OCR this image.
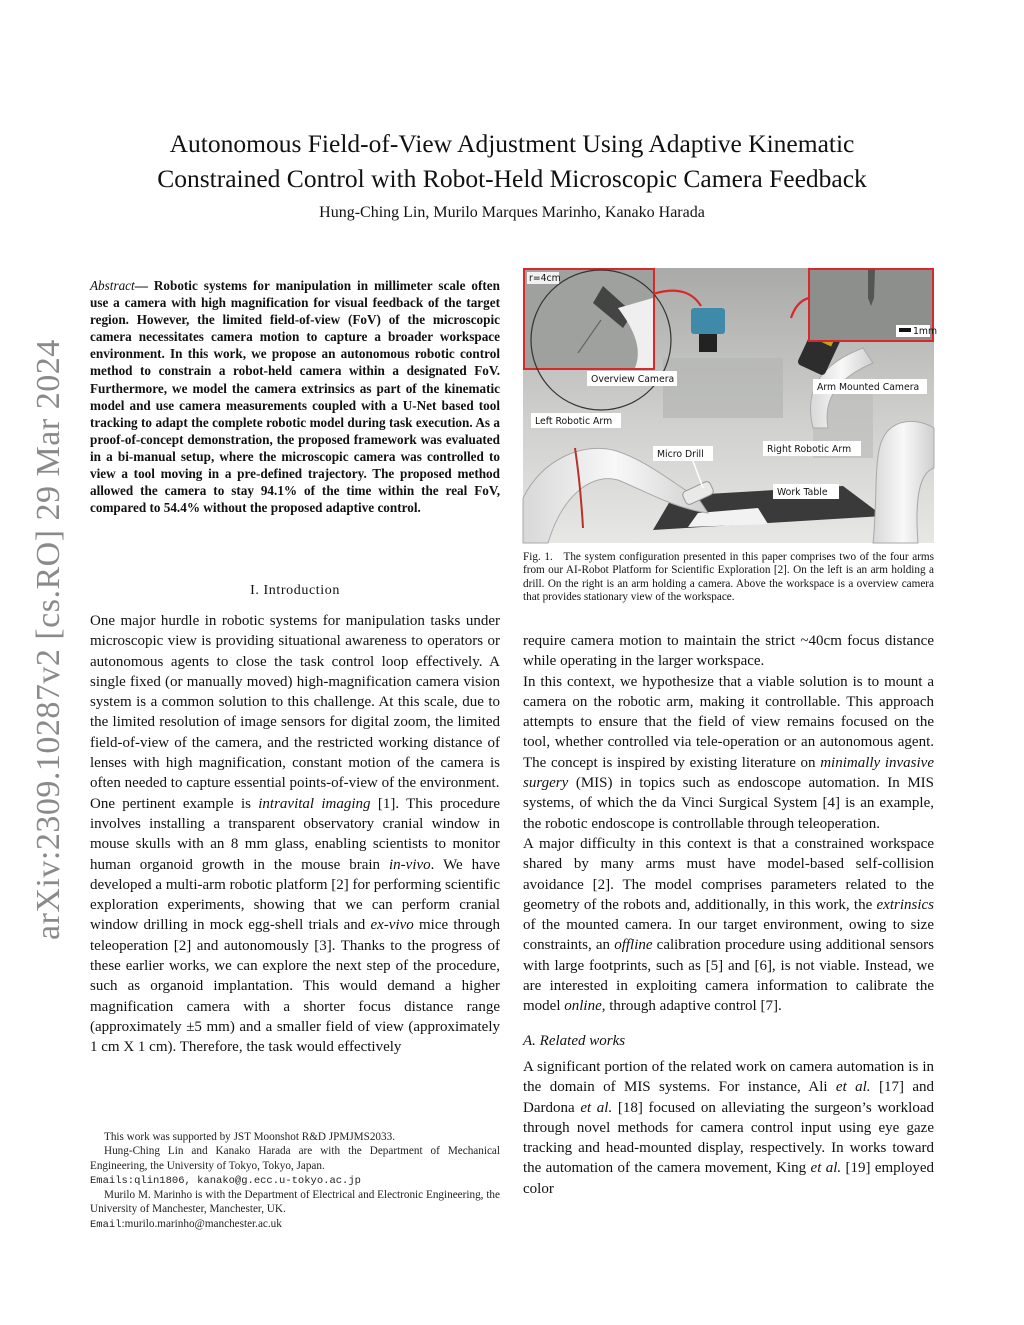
arXiv:2309.10287v2 [cs.RO] 29 Mar 2024
Autonomous Field-of-View Adjustment Using Adaptive Kinematic
Constrained Control with Robot-Held Microscopic Camera Feedback
Hung-Ching Lin, Murilo Marques Marinho, Kanako Harada

Abstract— Robotic systems for manipulation in millimeter scale often use a camera with high magnification for visual feedback of the target region. However, the limited field-of-view (FoV) of the microscopic camera necessitates camera motion to capture a broader workspace environment. In this work, we propose an autonomous robotic control method to constrain a robot-held camera within a designated FoV. Furthermore, we model the camera extrinsics as part of the kinematic model and use camera measurements coupled with a U-Net based tool tracking to adapt the complete robotic model during task execution. As a proof-of-concept demonstration, the proposed framework was evaluated in a bi-manual setup, where the microscopic camera was controlled to view a tool moving in a pre-defined trajectory. The proposed method allowed the camera to stay 94.1% of the time within the real FoV, compared to 54.4% without the proposed adaptive control.

I. Introduction

One major hurdle in robotic systems for manipulation tasks under microscopic view is providing situational awareness to operators or autonomous agents to close the task control loop effectively. A single fixed (or manually moved) high-magnification camera vision system is a common solution to this challenge. At this scale, due to the limited resolution of image sensors for digital zoom, the limited field-of-view of the camera, and the restricted working distance of lenses with high magnification, constant motion of the camera is often needed to capture essential points-of-view of the environment.

One pertinent example is intravital imaging [1]. This procedure involves installing a transparent observatory cranial window in mouse skulls with an 8 mm glass, enabling scientists to monitor human organoid growth in the mouse brain in-vivo. We have developed a multi-arm robotic platform [2] for performing scientific exploration experiments, showing that we can perform cranial window drilling in mock egg-shell trials and ex-vivo mice through teleoperation [2] and autonomously [3]. Thanks to the progress of these earlier works, we can explore the next step of the procedure, such as organoid implantation. This would demand a higher magnification camera with a shorter focus distance range (approximately ±5 mm) and a smaller field of view (approximately 1 cm X 1 cm). Therefore, the task would effectively

This work was supported by JST Moonshot R&D JPMJMS2033.

Hung-Ching Lin and Kanako Harada are with the Department of Mechanical Engineering, the University of Tokyo, Tokyo, Japan.
Emails:qlin1806, kanako@g.ecc.u-tokyo.ac.jp

Murilo M. Marinho is with the Department of Electrical and Electronic Engineering, the University of Manchester, Manchester, UK.
Email:murilo.marinho@manchester.ac.uk

r=4cm
1mm
Overview Camera
Arm Mounted Camera
Left Robotic Arm
Micro Drill	Right Robotic Arm
Work Table

Fig. 1. The system configuration presented in this paper comprises two of the four arms from our AI-Robot Platform for Scientific Exploration [2]. On the left is an arm holding a drill. On the right is an arm holding a camera. Above the workspace is a overview camera that provides stationary view of the workspace.

require camera motion to maintain the strict ~40cm focus distance while operating in the larger workspace.

In this context, we hypothesize that a viable solution is to mount a camera on the robotic arm, making it controllable. This approach attempts to ensure that the field of view remains focused on the tool, whether controlled via tele-operation or an autonomous agent. The concept is inspired by existing literature on minimally invasive surgery (MIS) in topics such as endoscope automation. In MIS systems, of which the da Vinci Surgical System [4] is an example, the robotic endoscope is controllable through teleoperation.

A major difficulty in this context is that a constrained workspace shared by many arms must have model-based self-collision avoidance [2]. The model comprises parameters related to the geometry of the robots and, additionally, in this work, the extrinsics of the mounted camera. In our target environment, owing to size constraints, an offline calibration procedure using additional sensors with large footprints, such as [5] and [6], is not viable. Instead, we are interested in exploiting camera information to calibrate the model online, through adaptive control [7].

A. Related works

A significant portion of the related work on camera automation is in the domain of MIS systems. For instance, Ali et al. [17] and Dardona et al. [18] focused on alleviating the surgeon’s workload through novel methods for camera control input using eye gaze tracking and head-mounted display, respectively. In works toward the automation of the camera movement, King et al. [19] employed color
